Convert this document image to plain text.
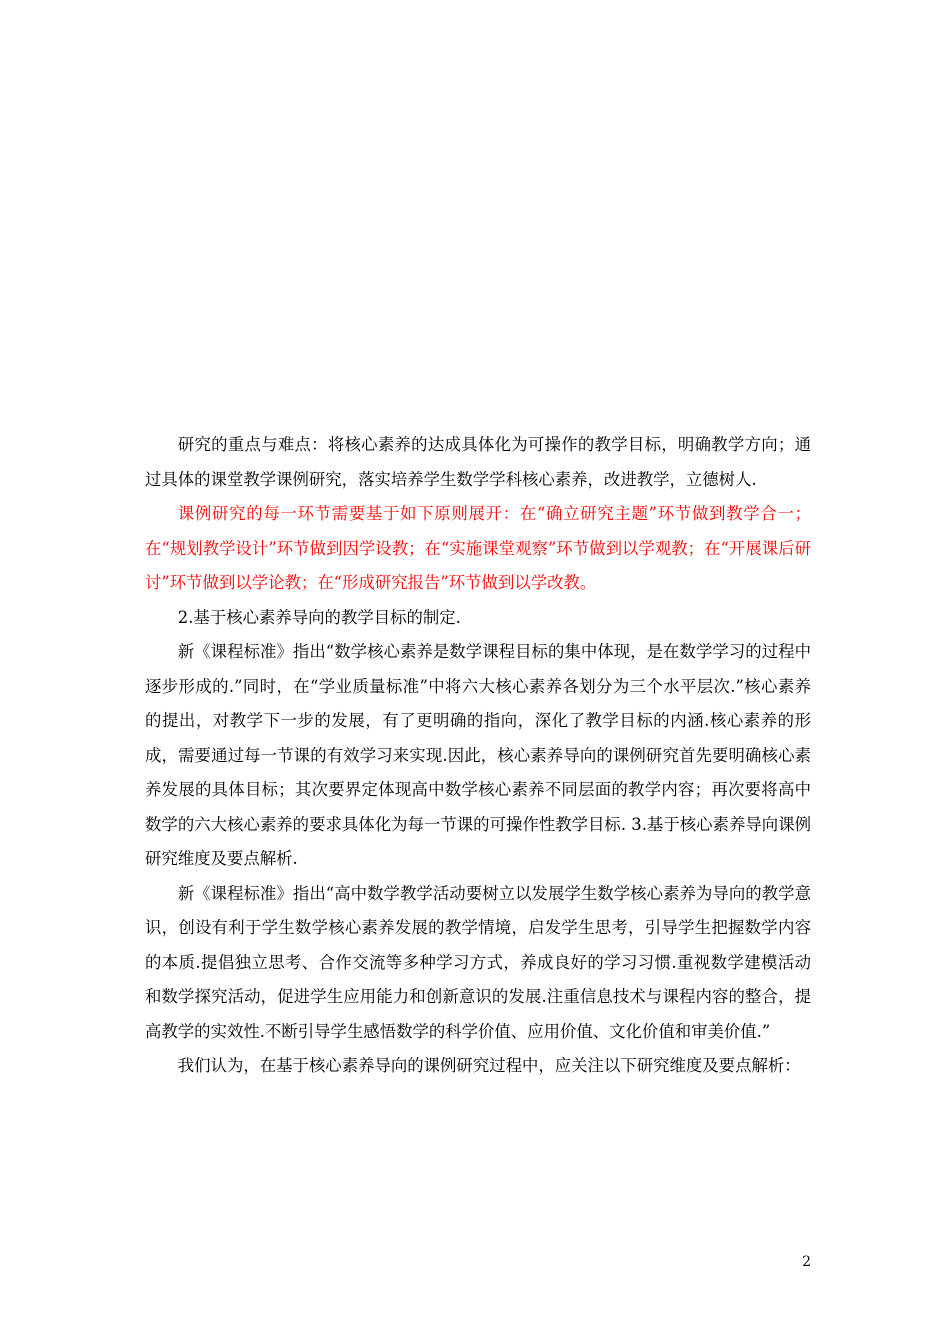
研究的重点与难点：将核心素养的达成具体化为可操作的教学目标，明确教学方向；通过具体的课堂教学课例研究，落实培养学生数学学科核心素养，改进教学，立德树人.

课例研究的每一环节需要基于如下原则展开：在“确立研究主题”环节做到教学合一；在“规划教学设计”环节做到因学设教；在“实施课堂观察”环节做到以学观教；在“开展课后研讨”环节做到以学论教；在“形成研究报告”环节做到以学改教。

2.基于核心素养导向的教学目标的制定.

新《课程标准》指出“数学核心素养是数学课程目标的集中体现，是在数学学习的过程中逐步形成的.”同时，在“学业质量标准”中将六大核心素养各划分为三个水平层次.”核心素养的提出，对教学下一步的发展，有了更明确的指向，深化了教学目标的内涵.核心素养的形成，需要通过每一节课的有效学习来实现.因此，核心素养导向的课例研究首先要明确核心素养发展的具体目标；其次要界定体现高中数学核心素养不同层面的教学内容；再次要将高中数学的六大核心素养的要求具体化为每一节课的可操作性教学目标. 3.基于核心素养导向课例研究维度及要点解析.

新《课程标准》指出“高中数学教学活动要树立以发展学生数学核心素养为导向的教学意识，创设有利于学生数学核心素养发展的教学情境，启发学生思考，引导学生把握数学内容的本质.提倡独立思考、合作交流等多种学习方式，养成良好的学习习惯.重视数学建模活动和数学探究活动，促进学生应用能力和创新意识的发展.注重信息技术与课程内容的整合，提高教学的实效性.不断引导学生感悟数学的科学价值、应用价值、文化价值和审美价值.”

我们认为，在基于核心素养导向的课例研究过程中，应关注以下研究维度及要点解析：

2
